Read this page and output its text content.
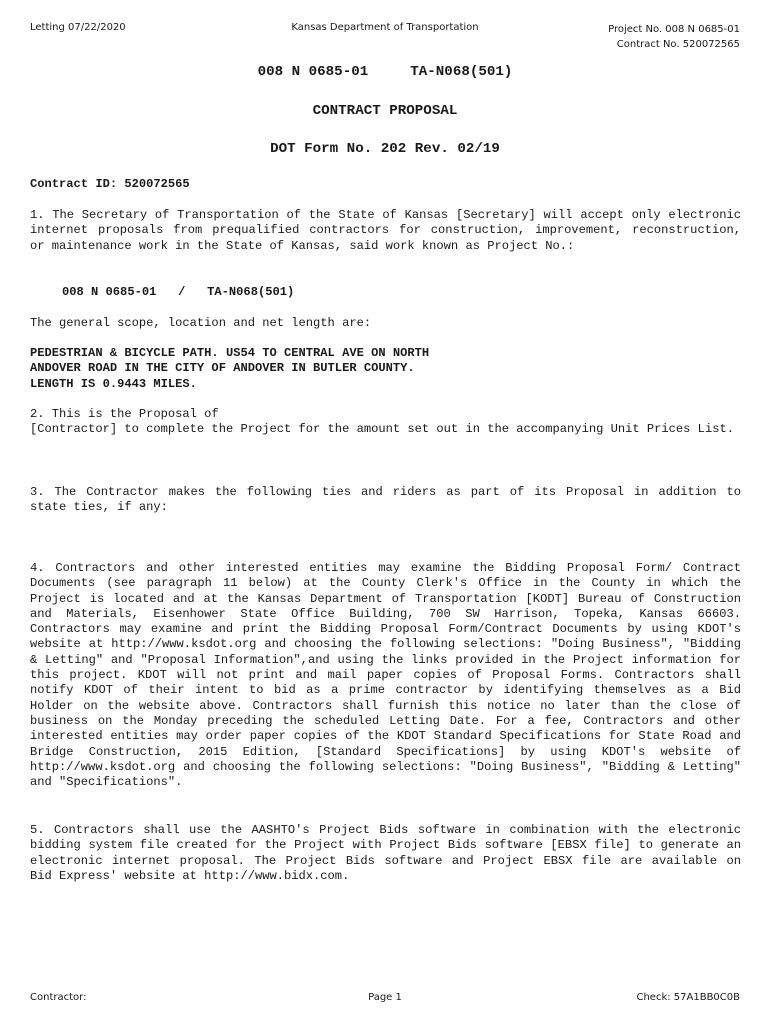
Letting 07/22/2020	Kansas Department of Transportation	Project No. 008 N 0685-01
Contract No. 520072565
008 N 0685-01	TA-N068(501)
CONTRACT PROPOSAL
DOT Form No. 202 Rev. 02/19
Contract ID: 520072565

1. The Secretary of Transportation of the State of Kansas [Secretary] will accept only electronic internet proposals from prequalified contractors for construction, improvement, reconstruction, or maintenance work in the State of Kansas, said work known as Project No.:

008 N 0685-01   /   TA-N068(501)
The general scope, location and net length are:
PEDESTRIAN & BICYCLE PATH. US54 TO CENTRAL AVE ON NORTH
ANDOVER ROAD IN THE CITY OF ANDOVER IN BUTLER COUNTY.
LENGTH IS 0.9443 MILES.
2. This is the Proposal of

[Contractor] to complete the Project for the amount set out in the accompanying Unit Prices List.

3. The Contractor makes the following ties and riders as part of its Proposal in addition to state ties, if any:

4. Contractors and other interested entities may examine the Bidding Proposal Form/ Contract Documents (see paragraph 11 below) at the County Clerk's Office in the County in which the Project is located and at the Kansas Department of Transportation [KODT] Bureau of Construction and Materials, Eisenhower State Office Building, 700 SW Harrison, Topeka, Kansas 66603. Contractors may examine and print the Bidding Proposal Form/Contract Documents by using KDOT's website at http://www.ksdot.org and choosing the following selections: "Doing Business", "Bidding & Letting" and "Proposal Information",and using the links provided in the Project information for this project. KDOT will not print and mail paper copies of Proposal Forms. Contractors shall notify KDOT of their intent to bid as a prime contractor by identifying themselves as a Bid Holder on the website above. Contractors shall furnish this notice no later than the close of business on the Monday preceding the scheduled Letting Date. For a fee, Contractors and other interested entities may order paper copies of the KDOT Standard Specifications for State Road and Bridge Construction, 2015 Edition, [Standard Specifications] by using KDOT's website of http://www.ksdot.org and choosing the following selections: "Doing Business", "Bidding & Letting" and "Specifications".

5. Contractors shall use the AASHTO's Project Bids software in combination with the electronic bidding system file created for the Project with Project Bids software [EBSX file] to generate an electronic internet proposal. The Project Bids software and Project EBSX file are available on Bid Express' website at http://www.bidx.com.

Contractor:	Page 1	Check: 57A1BB0C0B
